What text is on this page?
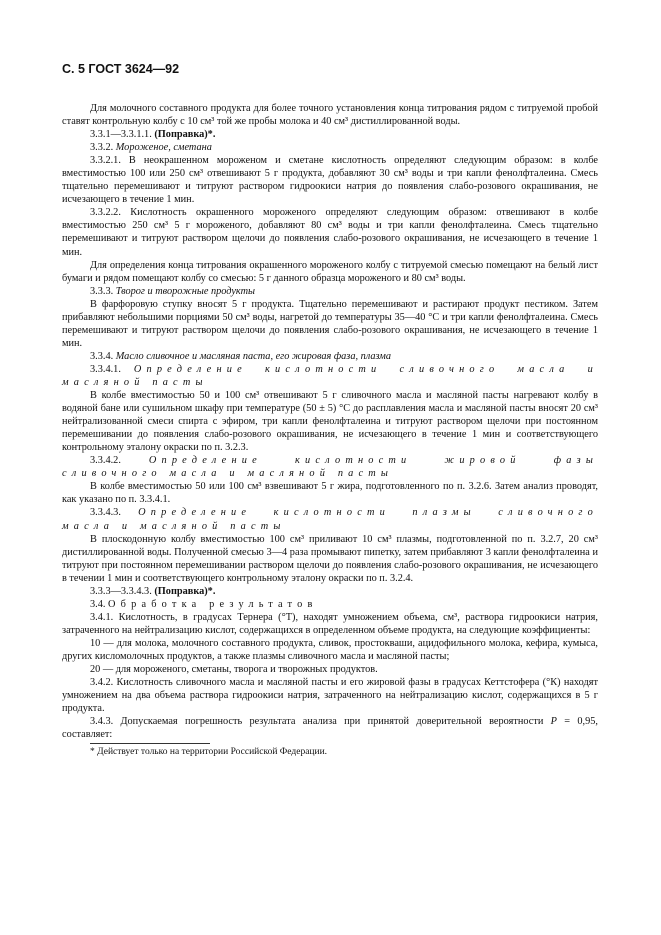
С. 5 ГОСТ 3624—92

Для молочного составного продукта для более точного установления конца титрования рядом с титруемой пробой ставят контрольную колбу с 10 см³ той же пробы молока и 40 см³ дистиллированной воды.

3.3.1—3.3.1.1. (Поправка)*.

3.3.2. Мороженое, сметана

3.3.2.1. В неокрашенном мороженом и сметане кислотность определяют следующим образом: в колбе вместимостью 100 или 250 см³ отвешивают 5 г продукта, добавляют 30 см³ воды и три капли фенолфталеина. Смесь тщательно перемешивают и титруют раствором гидроокиси натрия до появления слабо-розового окрашивания, не исчезающего в течение 1 мин.

3.3.2.2. Кислотность окрашенного мороженого определяют следующим образом: отвешивают в колбе вместимостью 250 см³ 5 г мороженого, добавляют 80 см³ воды и три капли фенолфталеина. Смесь тщательно перемешивают и титруют раствором щелочи до появления слабо-розового окрашивания, не исчезающего в течение 1 мин.

Для определения конца титрования окрашенного мороженого колбу с титруемой смесью помещают на белый лист бумаги и рядом помещают колбу со смесью: 5 г данного образца мороженого и 80 см³ воды.

3.3.3. Творог и творожные продукты

В фарфоровую ступку вносят 5 г продукта. Тщательно перемешивают и растирают продукт пестиком. Затем прибавляют небольшими порциями 50 см³ воды, нагретой до температуры 35—40 °С и три капли фенолфталеина. Смесь перемешивают и титруют раствором щелочи до появления слабо-розового окрашивания, не исчезающего в течение 1 мин.

3.3.4. Масло сливочное и масляная паста, его жировая фаза, плазма

3.3.4.1. Определение кислотности сливочного масла и масляной пасты

В колбе вместимостью 50 и 100 см³ отвешивают 5 г сливочного масла и масляной пасты нагревают колбу в водяной бане или сушильном шкафу при температуре (50 ± 5) °С до расплавления масла и масляной пасты вносят 20 см³ нейтрализованной смеси спирта с эфиром, три капли фенолфталеина и титруют раствором щелочи при постоянном перемешивании до появления слабо-розового окрашивания, не исчезающего в течение 1 мин и соответствующего контрольному эталону окраски по п. 3.2.3.

3.3.4.2. Определение кислотности жировой фазы сливочного масла и масляной пасты

В колбе вместимостью 50 или 100 см³ взвешивают 5 г жира, подготовленного по п. 3.2.6. Затем анализ проводят, как указано по п. 3.3.4.1.

3.3.4.3. Определение кислотности плазмы сливочного масла и масляной пасты

В плоскодонную колбу вместимостью 100 см³ приливают 10 см³ плазмы, подготовленной по п. 3.2.7, 20 см³ дистиллированной воды. Полученной смесью 3—4 раза промывают пипетку, затем прибавляют 3 капли фенолфталеина и титруют при постоянном перемешивании раствором щелочи до появления слабо-розового окрашивания, не исчезающего в течении 1 мин и соответствующего контрольному эталону окраски по п. 3.2.4.

3.3.3—3.3.4.3. (Поправка)*.

3.4. Обработка результатов

3.4.1. Кислотность, в градусах Тернера (°Т), находят умножением объема, см³, раствора гидроокиси натрия, затраченного на нейтрализацию кислот, содержащихся в определенном объеме продукта, на следующие коэффициенты:

10 — для молока, молочного составного продукта, сливок, простокваши, ацидофильного молока, кефира, кумыса, других кисломолочных продуктов, а также плазмы сливочного масла и масляной пасты;

20 — для мороженого, сметаны, творога и творожных продуктов.

3.4.2. Кислотность сливочного масла и масляной пасты и его жировой фазы в градусах Кеттстофера (°К) находят умножением на два объема раствора гидроокиси натрия, затраченного на нейтрализацию кислот, содержащихся в 5 г продукта.

3.4.3. Допускаемая погрешность результата анализа при принятой доверительной вероятности Р = 0,95, составляет:

* Действует только на территории Российской Федерации.
